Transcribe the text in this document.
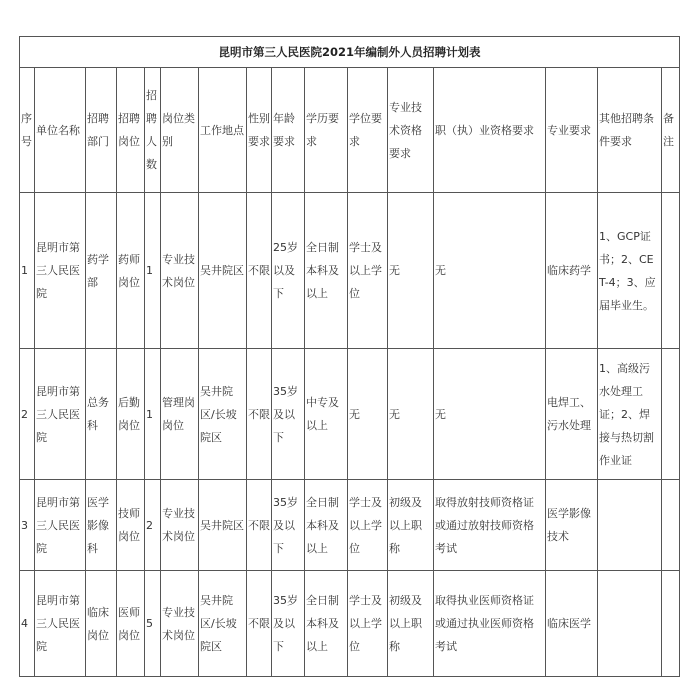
昆明市第三人民医院2021年编制外人员招聘计划表															
序号	单位名称	招聘部门	招聘岗位	招聘人数	岗位类别	工作地点	性别要求	年龄要求	学历要求	学位要求	专业技术资格要求	职（执）业资格要求	专业要求	其他招聘条件要求	备注
1	昆明市第三人民医院	药学部	药师岗位	1	专业技术岗位	吴井院区	不限	25岁以及下	全日制本科及以上	学士及以上学位	无	无	临床药学	1、GCP证书；2、CET-4；3、应届毕业生。	
2	昆明市第三人民医院	总务科	后勤岗位	1	管理岗岗位	吴井院区/长坡院区	不限	35岁及以下	中专及以上	无	无	无	电焊工、污水处理	1、高级污水处理工证；2、焊接与热切割作业证	
3	昆明市第三人民医院	医学影像科	技师岗位	2	专业技术岗位	吴井院区	不限	35岁及以下	全日制本科及以上	学士及以上学位	初级及以上职称	取得放射技师资格证或通过放射技师资格考试	医学影像技术		
4	昆明市第三人民医院	临床岗位	医师岗位	5	专业技术岗位	吴井院区/长坡院区	不限	35岁及以下	全日制本科及以上	学士及以上学位	初级及以上职称	取得执业医师资格证或通过执业医师资格考试	临床医学		
